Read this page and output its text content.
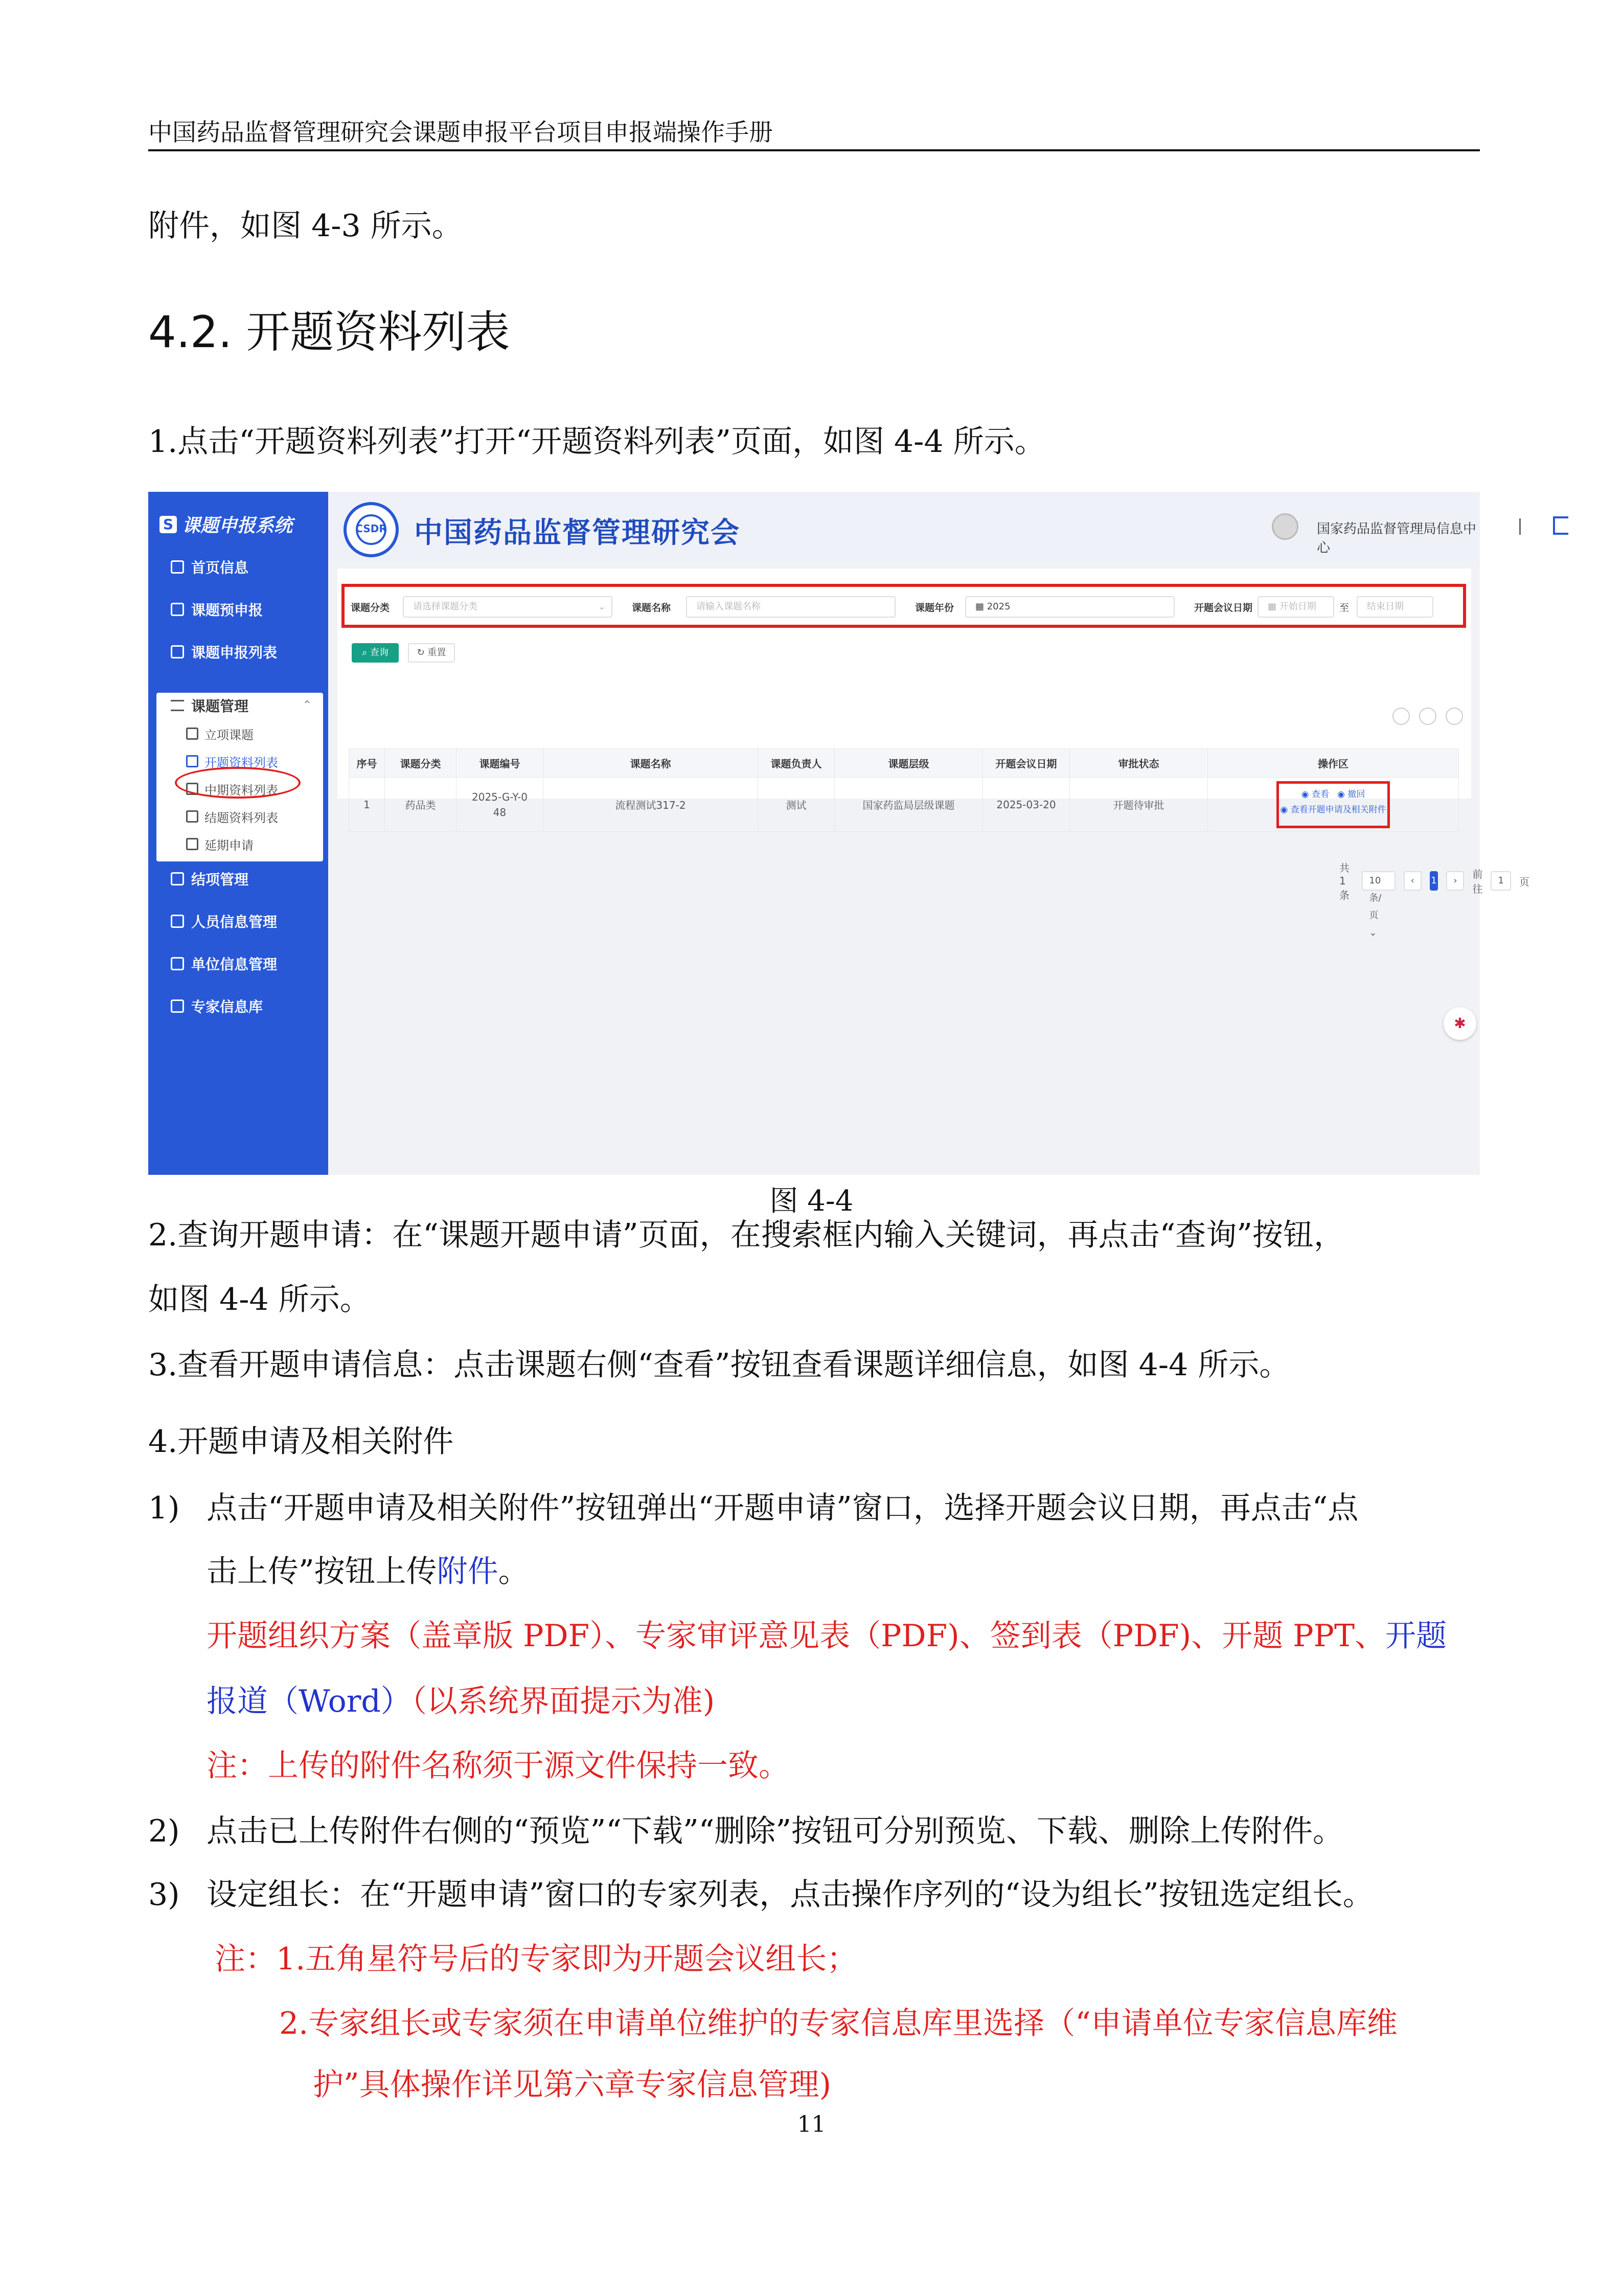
中国药品监督管理研究会课题申报平台项目申报端操作手册
附件，如图 4-3 所示。
4.2. 开题资料列表
1.点击“开题资料列表”打开“开题资料列表”页面，如图 4-4 所示。
S 课题申报系统
首页信息
课题预申报
课题申报列表
课题管理	⌃
立项课题
开题资料列表
中期资料列表
结题资料列表
延期申请
结项管理
人员信息管理
单位信息管理
专家信息库
CSDR 中国药品监督管理研究会	国家药品监督管理局信息中心
课题分类	请选择课题分类	⌄	课题名称	请输入课题名称	课题年份	▦ 2025	开题会议日期	▦ 开始日期	至	结束日期
⌕ 查询	↻ 重置
序号	课题分类	课题编号	课题名称	课题负责人	课题层级	开题会议日期	审批状态	操作区
1	药品类	2025-G-Y-048	流程测试317-2	测试	国家药监局层级课题	2025-03-20	开题待审批	◉ 查看 ◉ 撤回
◉ 查看开题申请及相关附件
共 1 条
10条/页 ⌄
‹	1	›
前往
1	页
✱
图 4-4
2.查询开题申请：在“课题开题申请”页面，在搜索框内输入关键词，再点击“查询”按钮，
如图 4-4 所示。
3.查看开题申请信息：点击课题右侧“查看”按钮查看课题详细信息，如图 4-4 所示。
4.开题申请及相关附件
1) 点击“开题申请及相关附件”按钮弹出“开题申请”窗口，选择开题会议日期，再点击“点
击上传”按钮上传附件。
开题组织方案（盖章版 PDF）、专家审评意见表（PDF)、签到表（PDF)、开题 PPT、开题
报道（Word）（以系统界面提示为准)
注：上传的附件名称须于源文件保持一致。
2) 点击已上传附件右侧的“预览”“下载”“删除”按钮可分别预览、下载、删除上传附件。
3) 设定组长：在“开题申请”窗口的专家列表，点击操作序列的“设为组长”按钮选定组长。
注：1.五角星符号后的专家即为开题会议组长；
2.专家组长或专家须在申请单位维护的专家信息库里选择（“申请单位专家信息库维
护”具体操作详见第六章专家信息管理)
11
